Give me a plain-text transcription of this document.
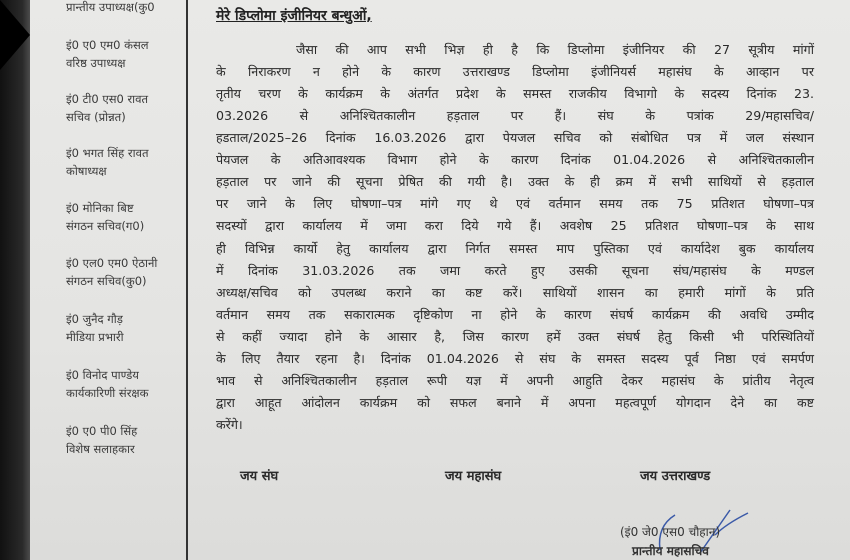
प्रान्तीय उपाध्यक्ष(कु0
इं0 ए0 एम0 कंसल
वरिष्ठ उपाध्यक्ष
इं0 टी0 एस0 रावत
सचिव (प्रोन्नत)
इं0 भगत सिंह रावत
कोषाध्यक्ष
इं0 मोनिका बिष्ट
संगठन सचिव(ग0)
इं0 एल0 एम0 ऐठानी
संगठन सचिव(कु0)
इं0 जुनैद गौड़
मीडिया प्रभारी
इं0 विनोद पाण्डेय
कार्यकारिणी संरक्षक
इं0 ए0 पी0 सिंह
विशेष सलाहकार
मेरे डिप्लोमा इंजीनियर बन्धुओं,
जैसा की आप सभी भिज्ञ ही है कि डिप्लोमा इंजीनियर की 27 सूत्रीय मांगों
के निराकरण न होने के कारण उत्तराखण्ड डिप्लोमा इंजीनियर्स महासंघ के आव्हान पर
तृतीय चरण के कार्यक्रम के अंतर्गत प्रदेश के समस्त राजकीय विभागो के सदस्य दिनांक 23.
03.2026 से अनिश्चितकालीन हड़ताल पर हैं। संघ के पत्रांक 29/महासचिव/
हडताल/2025–26 दिनांक 16.03.2026 द्वारा पेयजल सचिव को संबोधित पत्र में जल संस्थान
पेयजल के अतिआवश्यक विभाग होने के कारण दिनांक 01.04.2026 से अनिश्चितकालीन
हड़ताल पर जाने की सूचना प्रेषित की गयी है। उक्त के ही क्रम में सभी साथियों से हड़ताल
पर जाने के लिए घोषणा–पत्र मांगे गए थे एवं वर्तमान समय तक 75 प्रतिशत घोषणा–पत्र
सदस्यों द्वारा कार्यालय में जमा करा दिये गये हैं। अवशेष 25 प्रतिशत घोषणा–पत्र के साथ
ही विभिन्न कार्यो हेतु कार्यालय द्वारा निर्गत समस्त माप पुस्तिका एवं कार्यादेश बुक कार्यालय
में दिनांक 31.03.2026 तक जमा करते हुए उसकी सूचना संघ/महासंघ के मण्डल
अध्यक्ष/सचिव को उपलब्ध कराने का कष्ट करें। साथियों शासन का हमारी मांगों के प्रति
वर्तमान समय तक सकारात्मक दृष्टिकोण ना होने के कारण संघर्ष कार्यक्रम की अवधि उम्मीद
से कहीं ज्यादा होने के आसार है, जिस कारण हमें उक्त संघर्ष हेतु किसी भी परिस्थितियों
के लिए तैयार रहना है। दिनांक 01.04.2026 से संघ के समस्त सदस्य पूर्व निष्ठा एवं समर्पण
भाव से अनिश्चितकालीन हड़ताल रूपी यज्ञ में अपनी आहुति देकर महासंघ के प्रांतीय नेतृत्व
द्वारा आहूत आंदोलन कार्यक्रम को सफल बनाने में अपना महत्वपूर्ण योगदान देने का कष्ट
करेंगे।
जय संघ	जय महासंघ	जय उत्तराखण्ड
(इं0 जे0 एस0 चौहान)
प्रान्तीय महासचिव
